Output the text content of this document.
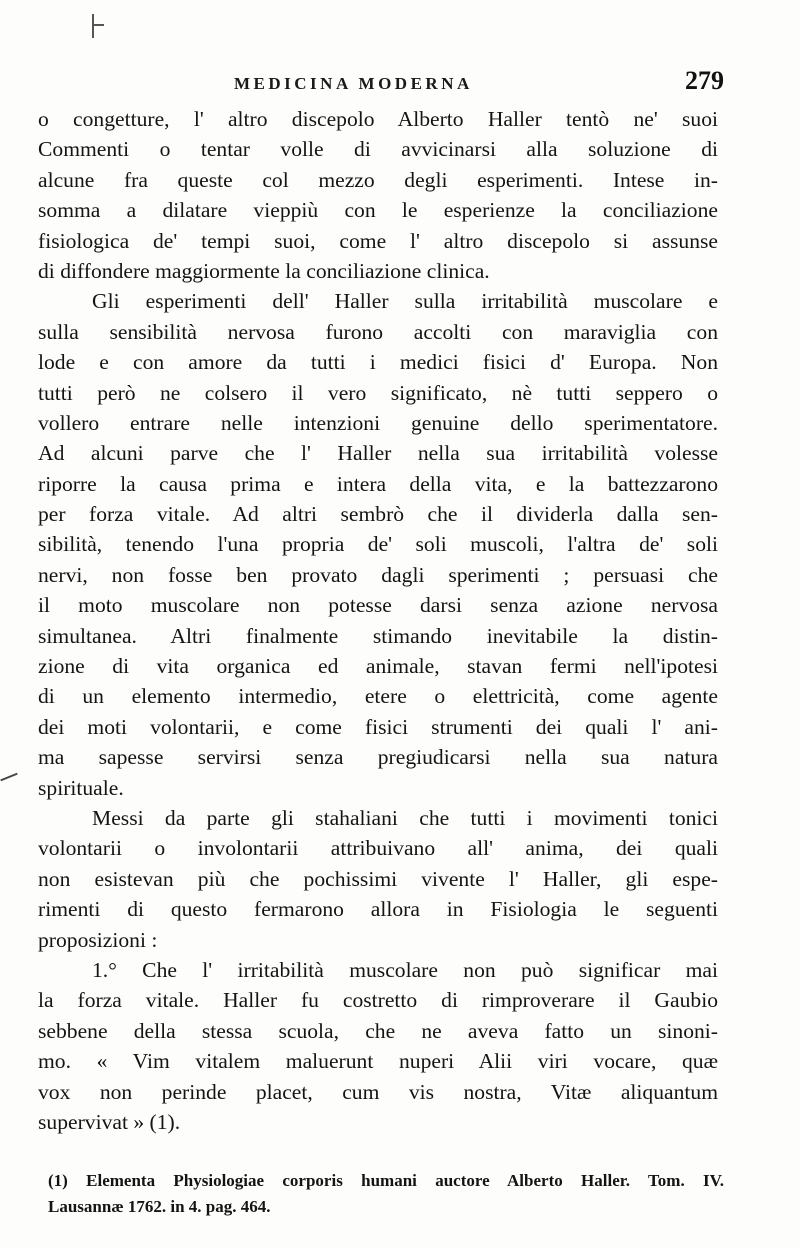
MEDICINA MODERNA	279
o congetture, l' altro discepolo Alberto Haller tentò ne' suoi
Commenti o tentar volle di avvicinarsi alla soluzione di
alcune fra queste col mezzo degli esperimenti. Intese in-
somma a dilatare vieppiù con le esperienze la conciliazione
fisiologica de' tempi suoi, come l' altro discepolo si assunse
di diffondere maggiormente la conciliazione clinica.
Gli esperimenti dell' Haller sulla irritabilità muscolare e
sulla sensibilità nervosa furono accolti con maraviglia con
lode e con amore da tutti i medici fisici d' Europa. Non
tutti però ne colsero il vero significato, nè tutti seppero o
vollero entrare nelle intenzioni genuine dello sperimentatore.
Ad alcuni parve che l' Haller nella sua irritabilità volesse
riporre la causa prima e intera della vita, e la battezzarono
per forza vitale. Ad altri sembrò che il dividerla dalla sen-
sibilità, tenendo l'una propria de' soli muscoli, l'altra de' soli
nervi, non fosse ben provato dagli sperimenti ; persuasi che
il moto muscolare non potesse darsi senza azione nervosa
simultanea. Altri finalmente stimando inevitabile la distin-
zione di vita organica ed animale, stavan fermi nell'ipotesi
di un elemento intermedio, etere o elettricità, come agente
dei moti volontarii, e come fisici strumenti dei quali l' ani-
ma sapesse servirsi senza pregiudicarsi nella sua natura
spirituale.
Messi da parte gli stahaliani che tutti i movimenti tonici
volontarii o involontarii attribuivano all' anima, dei quali
non esistevan più che pochissimi vivente l' Haller, gli espe-
rimenti di questo fermarono allora in Fisiologia le seguenti
proposizioni :
1.° Che l' irritabilità muscolare non può significar mai
la forza vitale. Haller fu costretto di rimproverare il Gaubio
sebbene della stessa scuola, che ne aveva fatto un sinoni-
mo. « Vim vitalem maluerunt nuperi Alii viri vocare, quæ
vox non perinde placet, cum vis nostra, Vitæ aliquantum
supervivat » (1).
(1) Elementa Physiologiae corporis humani auctore Alberto Haller. Tom. IV.
Lausannæ 1762. in 4. pag. 464.
